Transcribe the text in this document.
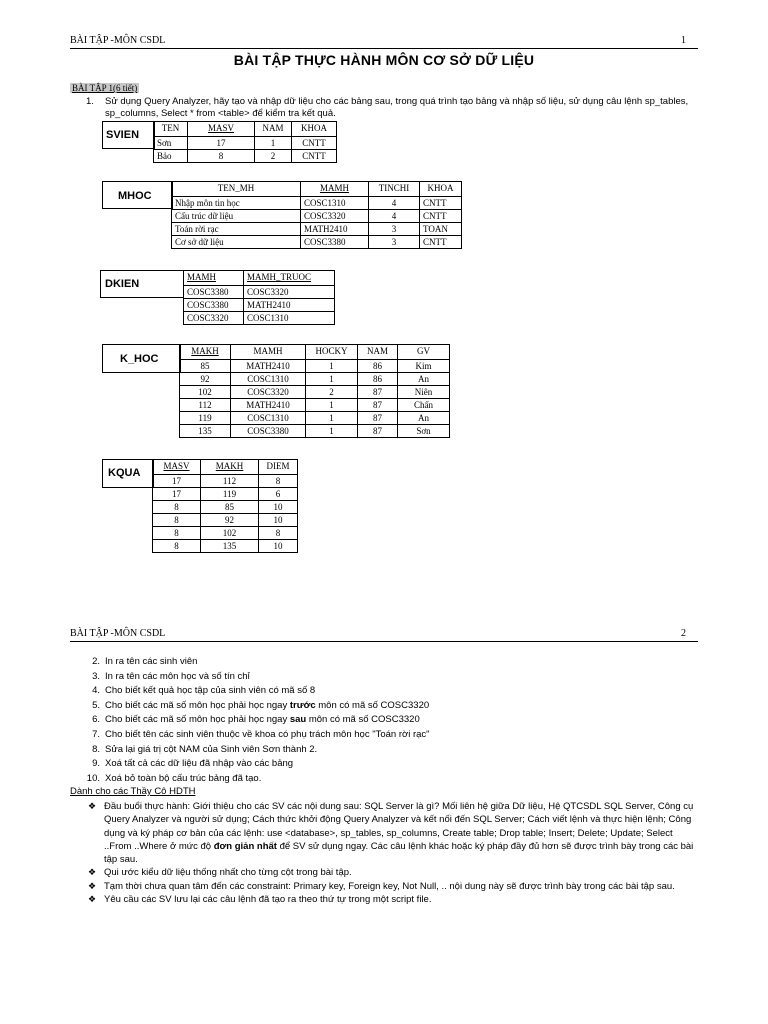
BÀI TẬP -MÔN CSDL	1
BÀI TẬP THỰC HÀNH MÔN CƠ SỞ DỮ LIỆU
BÀI TẬP 1(6 tiết)
1. Sử dụng Query Analyzer, hãy tạo và nhập dữ liệu cho các bảng sau, trong quá trình tạo bảng và nhập số liệu, sử dụng câu lệnh sp_tables, sp_columns, Select * from <table> để kiểm tra kết quả.
SVIEN
TEN	MASV	NAM	KHOA
Sơn	17	1	CNTT
Bảo	8	2	CNTT
MHOC
TEN_MH	MAMH	TINCHI	KHOA
Nhập môn tin học	COSC1310	4	CNTT
Cấu trúc dữ liệu	COSC3320	4	CNTT
Toán rời rạc	MATH2410	3	TOAN
Cơ sở dữ liệu	COSC3380	3	CNTT
DKIEN
MAMH	MAMH_TRUOC
COSC3380	COSC3320
COSC3380	MATH2410
COSC3320	COSC1310
K_HOC
MAKH	MAMH	HOCKY	NAM	GV
85	MATH2410	1	86	Kim
92	COSC1310	1	86	An
102	COSC3320	2	87	Niên
112	MATH2410	1	87	Chấn
119	COSC1310	1	87	An
135	COSC3380	1	87	Sơn
KQUA
MASV	MAKH	DIEM
17	112	8
17	119	6
8	85	10
8	92	10
8	102	8
8	135	10
BÀI TẬP -MÔN CSDL	2
2. In ra tên các sinh viên
3. In ra tên các môn học và số tín chỉ
4. Cho biết kết quả học tập của sinh viên có mã số 8
5. Cho biết các mã số môn học phải học ngay trước môn có mã số COSC3320
6. Cho biết các mã số môn học phải học ngay sau môn có mã số COSC3320
7. Cho biết tên các sinh viên thuộc về khoa có phụ trách môn học "Toán rời rạc"
8. Sửa lại giá trị cột NAM của Sinh viên Sơn thành 2.
9. Xoá tất cả các dữ liệu đã nhập vào các bảng
10. Xoá bỏ toàn bộ cấu trúc bảng đã tạo.
Dành cho các Thầy Cô HDTH
❖ Đầu buổi thực hành: Giới thiệu cho các SV các nội dung sau: SQL Server là gì? Mối liên hệ giữa Dữ liệu, Hệ QTCSDL SQL Server, Công cụ Query Analyzer và người sử dụng; Cách thức khởi động Query Analyzer và kết nối đến SQL Server; Cách viết lệnh và thực hiện lệnh; Công dụng và ký pháp cơ bản của các lệnh: use <database>, sp_tables, sp_columns, Create table; Drop table; Insert; Delete; Update; Select ..From ..Where ở mức độ đơn giản nhất để SV sử dụng ngay. Các câu lệnh khác hoặc ký pháp đầy đủ hơn sẽ được trình bày trong các bài tập sau.
❖ Qui ước kiểu dữ liệu thống nhất cho từng cột trong bài tập.
❖ Tạm thời chưa quan tâm đến các constraint: Primary key, Foreign key, Not Null, .. nội dung này sẽ được trình bày trong các bài tập sau.
❖ Yêu cầu các SV lưu lại các câu lệnh đã tạo ra theo thứ tự trong một script file.
